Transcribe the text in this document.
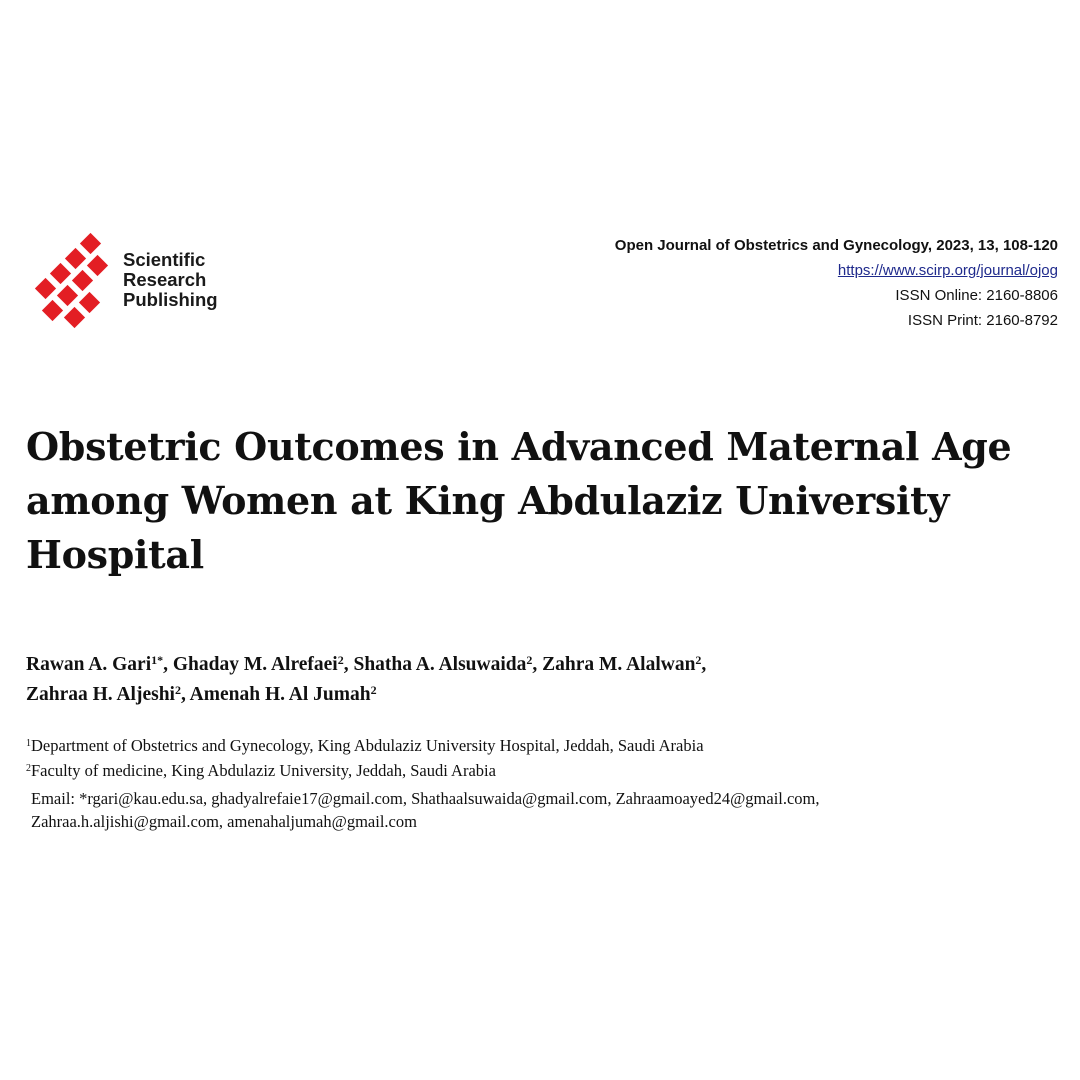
Scientific
Research
Publishing
Open Journal of Obstetrics and Gynecology, 2023, 13, 108-120
https://www.scirp.org/journal/ojog
ISSN Online: 2160-8806
ISSN Print: 2160-8792
Obstetric Outcomes in Advanced Maternal Age among Women at King Abdulaziz University Hospital
Rawan A. Gari$^{1*}$, Ghaday M. Alrefaei$^2$, Shatha A. Alsuwaida$^2$, Zahra M. Alalwan$^2$,
Zahraa H. Aljeshi$^2$, Amenah H. Al Jumah$^2$
$^1$Department of Obstetrics and Gynecology, King Abdulaziz University Hospital, Jeddah, Saudi Arabia
$^2$Faculty of medicine, King Abdulaziz University, Jeddah, Saudi Arabia
Email: *rgari@kau.edu.sa, ghadyalrefaie17@gmail.com, Shathaalsuwaida@gmail.com, Zahraamoayed24@gmail.com,
Zahraa.h.aljishi@gmail.com, amenahaljumah@gmail.com
